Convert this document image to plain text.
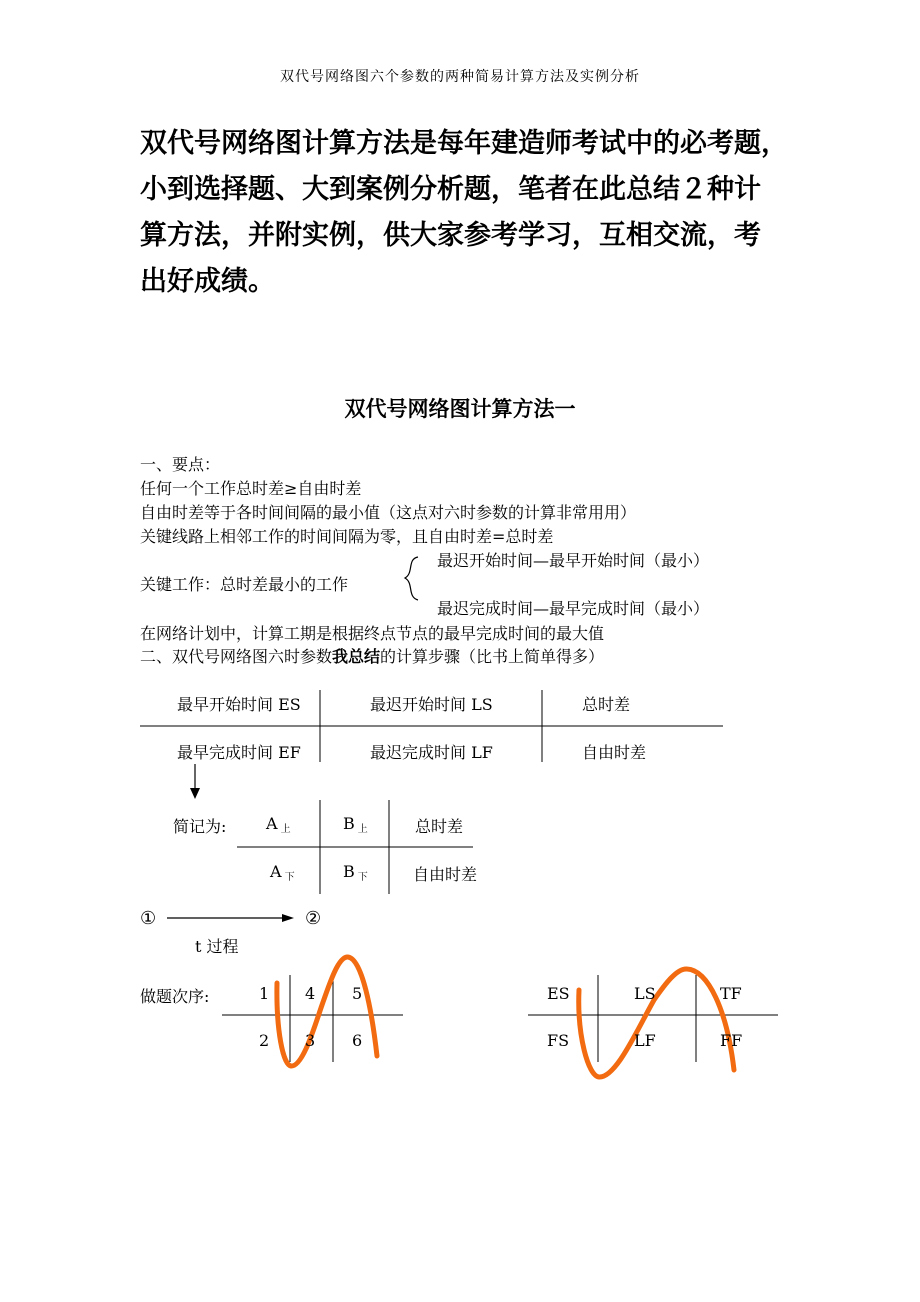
双代号网络图六个参数的两种简易计算方法及实例分析
双代号网络图计算方法是每年建造师考试中的必考题，
小到选择题、大到案例分析题，笔者在此总结２种计
算方法，并附实例，供大家参考学习，互相交流，考
出好成绩。
双代号网络图计算方法一
一、要点：
任何一个工作总时差≥自由时差
自由时差等于各时间间隔的最小值（这点对六时参数的计算非常用用）
关键线路上相邻工作的时间间隔为零，且自由时差=总时差
关键工作：总时差最小的工作
最迟开始时间—最早开始时间（最小）
最迟完成时间—最早完成时间（最小）
在网络计划中，计算工期是根据终点节点的最早完成时间的最大值
二、双代号网络图六时参数我总结的计算步骤（比书上简单得多）
最早开始时间 ES	最迟开始时间 LS	总时差
最早完成时间 EF	最迟完成时间 LF	自由时差
简记为: A上	B上	总时差
A下	B下	自由时差
①	②
t 过程
做题次序:	1 4 5
2 3 6
ES	LS	TF
FS	LF	FF
